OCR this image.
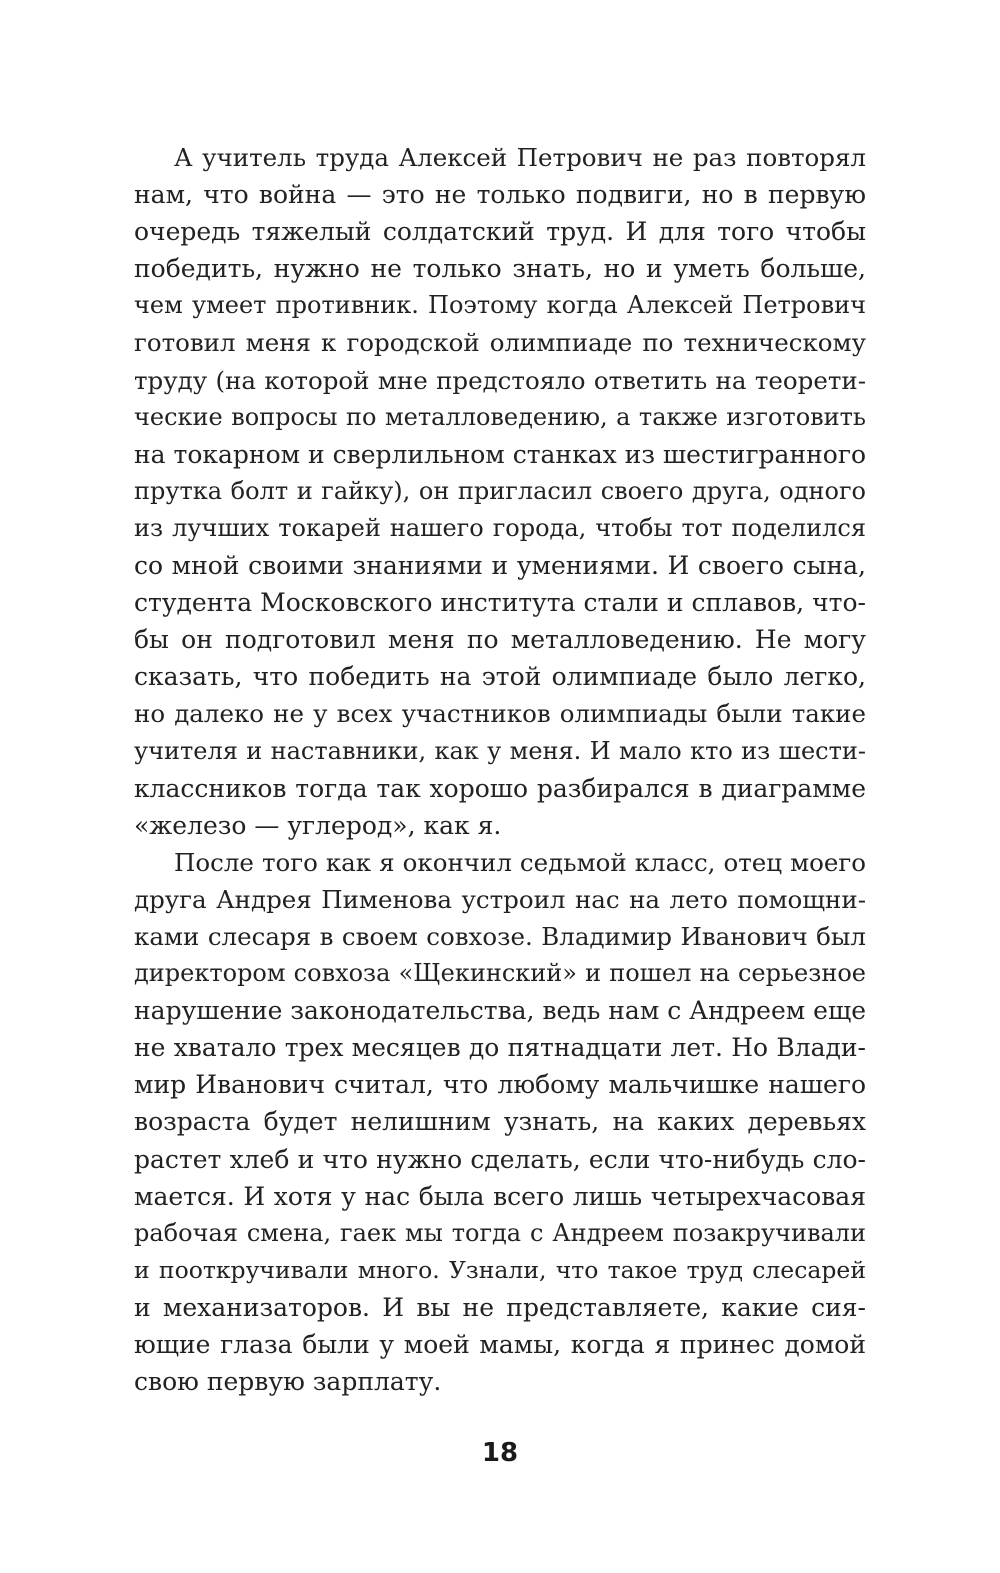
А учитель труда Алексей Петрович не раз повторял
нам, что война — это не только подвиги, но в первую
очередь тяжелый солдатский труд. И для того чтобы
победить, нужно не только знать, но и уметь больше,
чем умеет противник. Поэтому когда Алексей Петрович
готовил меня к городской олимпиаде по техническому
труду (на которой мне предстояло ответить на теорети-
ческие вопросы по металловедению, а также изготовить
на токарном и сверлильном станках из шестигранного
прутка болт и гайку), он пригласил своего друга, одного
из лучших токарей нашего города, чтобы тот поделился
со мной своими знаниями и умениями. И своего сына,
студента Московского института стали и сплавов, что-
бы он подготовил меня по металловедению. Не могу
сказать, что победить на этой олимпиаде было легко,
но далеко не у всех участников олимпиады были такие
учителя и наставники, как у меня. И мало кто из шести-
классников тогда так хорошо разбирался в диаграмме
«железо — углерод», как я.
После того как я окончил седьмой класс, отец моего
друга Андрея Пименова устроил нас на лето помощни-
ками слесаря в своем совхозе. Владимир Иванович был
директором совхоза «Щекинский» и пошел на серьезное
нарушение законодательства, ведь нам с Андреем еще
не хватало трех месяцев до пятнадцати лет. Но Влади-
мир Иванович считал, что любому мальчишке нашего
возраста будет нелишним узнать, на каких деревьях
растет хлеб и что нужно сделать, если что-нибудь сло-
мается. И хотя у нас была всего лишь четырехчасовая
рабочая смена, гаек мы тогда с Андреем позакручивали
и пооткручивали много. Узнали, что такое труд слесарей
и механизаторов. И вы не представляете, какие сия-
ющие глаза были у моей мамы, когда я принес домой
свою первую зарплату.
18
